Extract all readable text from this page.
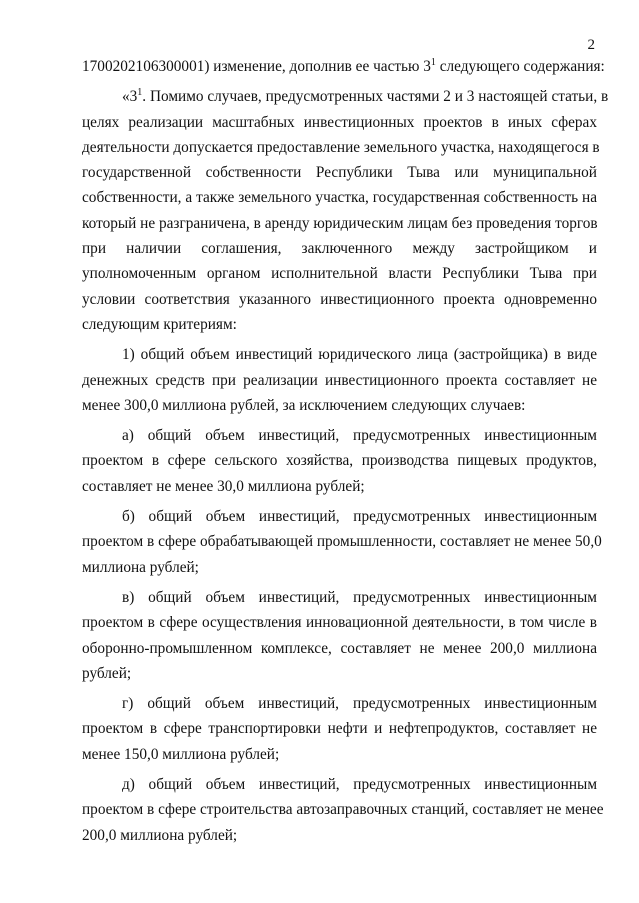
2
1700202106300001) изменение, дополнив ее частью $3^1$ следующего содержания:
«$3^1$. Помимо случаев, предусмотренных частями 2 и 3 настоящей статьи, в
целях реализации масштабных инвестиционных проектов в иных сферах
деятельности допускается предоставление земельного участка, находящегося в
государственной собственности Республики Тыва или муниципальной
собственности, а также земельного участка, государственная собственность на
который не разграничена, в аренду юридическим лицам без проведения торгов
при наличии соглашения, заключенного между застройщиком и
уполномоченным органом исполнительной власти Республики Тыва при
условии соответствия указанного инвестиционного проекта одновременно
следующим критериям:
1) общий объем инвестиций юридического лица (застройщика) в виде
денежных средств при реализации инвестиционного проекта составляет не
менее 300,0 миллиона рублей, за исключением следующих случаев:
а) общий объем инвестиций, предусмотренных инвестиционным
проектом в сфере сельского хозяйства, производства пищевых продуктов,
составляет не менее 30,0 миллиона рублей;
б) общий объем инвестиций, предусмотренных инвестиционным
проектом в сфере обрабатывающей промышленности, составляет не менее 50,0
миллиона рублей;
в) общий объем инвестиций, предусмотренных инвестиционным
проектом в сфере осуществления инновационной деятельности, в том числе в
оборонно-промышленном комплексе, составляет не менее 200,0 миллиона
рублей;
г) общий объем инвестиций, предусмотренных инвестиционным
проектом в сфере транспортировки нефти и нефтепродуктов, составляет не
менее 150,0 миллиона рублей;
д) общий объем инвестиций, предусмотренных инвестиционным
проектом в сфере строительства автозаправочных станций, составляет не менее
200,0 миллиона рублей;
